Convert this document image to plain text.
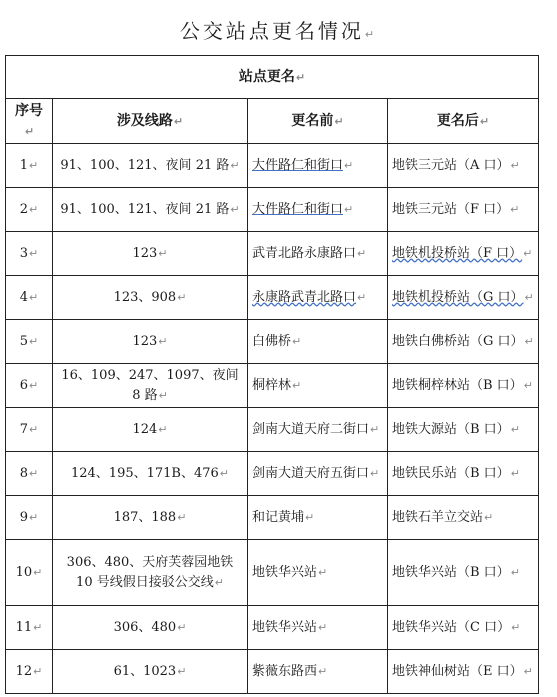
公交站点更名情况↵
站点更名↵			
序号↵	涉及线路↵	更名前↵	更名后↵
1↵	91、100、121、夜间 21 路↵	大件路仁和街口↵	地铁三元站（A 口）↵
2↵	91、100、121、夜间 21 路↵	大件路仁和街口↵	地铁三元站（F 口）↵
3↵	123↵	武青北路永康路口↵	地铁机投桥站（F 口）↵
4↵	123、908↵	永康路武青北路口↵	地铁机投桥站（G 口）↵
5↵	123↵	白佛桥↵	地铁白佛桥站（G 口）↵
6↵	16、109、247、1097、夜间 8 路↵	桐梓林↵	地铁桐梓林站（B 口）↵
7↵	124↵	剑南大道天府二街口↵	地铁大源站（B 口）↵
8↵	124、195、171B、476↵	剑南大道天府五街口↵	地铁民乐站（B 口）↵
9↵	187、188↵	和记黄埔↵	地铁石羊立交站↵
10↵	306、480、天府芙蓉园地铁 10 号线假日接驳公交线↵	地铁华兴站↵	地铁华兴站（B 口）↵
11↵	306、480↵	地铁华兴站↵	地铁华兴站（C 口）↵
12↵	61、1023↵	紫薇东路西↵	地铁神仙树站（E 口）↵
